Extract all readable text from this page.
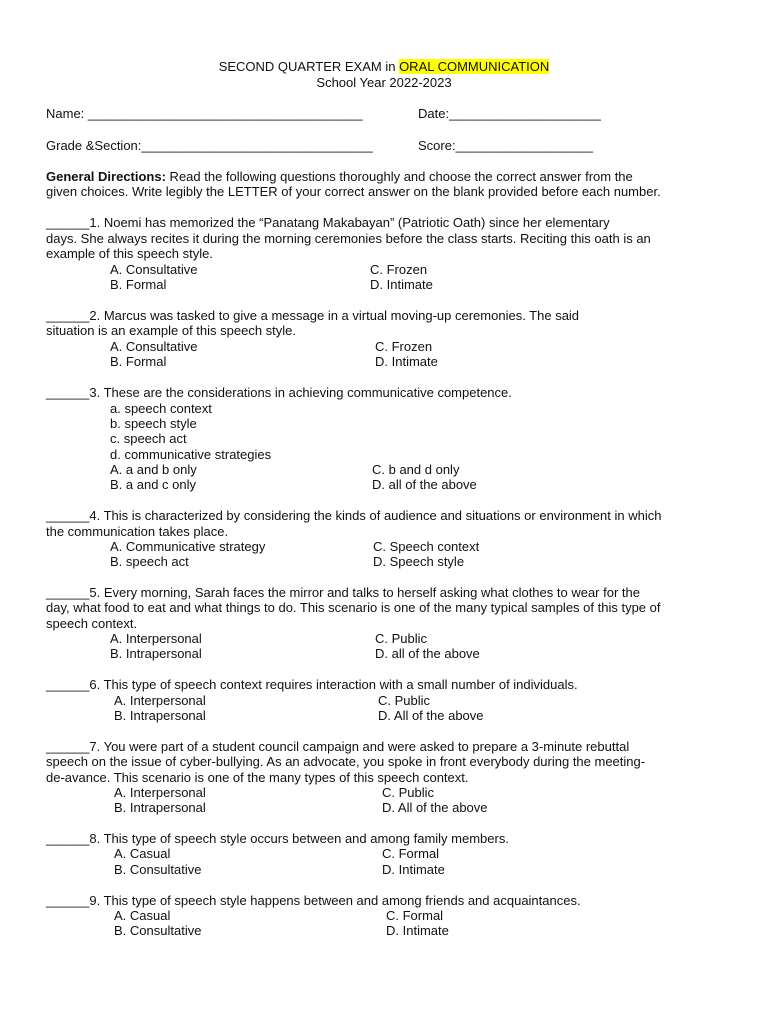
SECOND QUARTER EXAM in ORAL COMMUNICATION
School Year 2022-2023
Name: ______________________________________	Date:_____________________
Grade &Section:________________________________	Score:___________________
General Directions: Read the following questions thoroughly and choose the correct answer from the
given choices. Write legibly the LETTER of your correct answer on the blank provided before each number.
______1. Noemi has memorized the “Panatang Makabayan” (Patriotic Oath) since her elementary
days. She always recites it during the morning ceremonies before the class starts. Reciting this oath is an
example of this speech style.
A. Consultative	C. Frozen
B. Formal	D. Intimate
______2. Marcus was tasked to give a message in a virtual moving-up ceremonies. The said
situation is an example of this speech style.
A. Consultative	C. Frozen
B. Formal	D. Intimate
______3. These are the considerations in achieving communicative competence.
a. speech context
b. speech style
c. speech act
d. communicative strategies
A. a and b only	C. b and d only
B. a and c only	D. all of the above
______4. This is characterized by considering the kinds of audience and situations or environment in which
the communication takes place.
A. Communicative strategy	C. Speech context
B. speech act	D. Speech style
______5. Every morning, Sarah faces the mirror and talks to herself asking what clothes to wear for the
day, what food to eat and what things to do. This scenario is one of the many typical samples of this type of
speech context.
A. Interpersonal	C. Public
B. Intrapersonal	D. all of the above
______6. This type of speech context requires interaction with a small number of individuals.
A. Interpersonal	C. Public
B. Intrapersonal	D. All of the above
______7. You were part of a student council campaign and were asked to prepare a 3-minute rebuttal
speech on the issue of cyber-bullying. As an advocate, you spoke in front everybody during the meeting-
de-avance. This scenario is one of the many types of this speech context.
A. Interpersonal	C. Public
B. Intrapersonal	D. All of the above
______8. This type of speech style occurs between and among family members.
A. Casual	C. Formal
B. Consultative	D. Intimate
______9. This type of speech style happens between and among friends and acquaintances.
A. Casual	C. Formal
B. Consultative	D. Intimate
